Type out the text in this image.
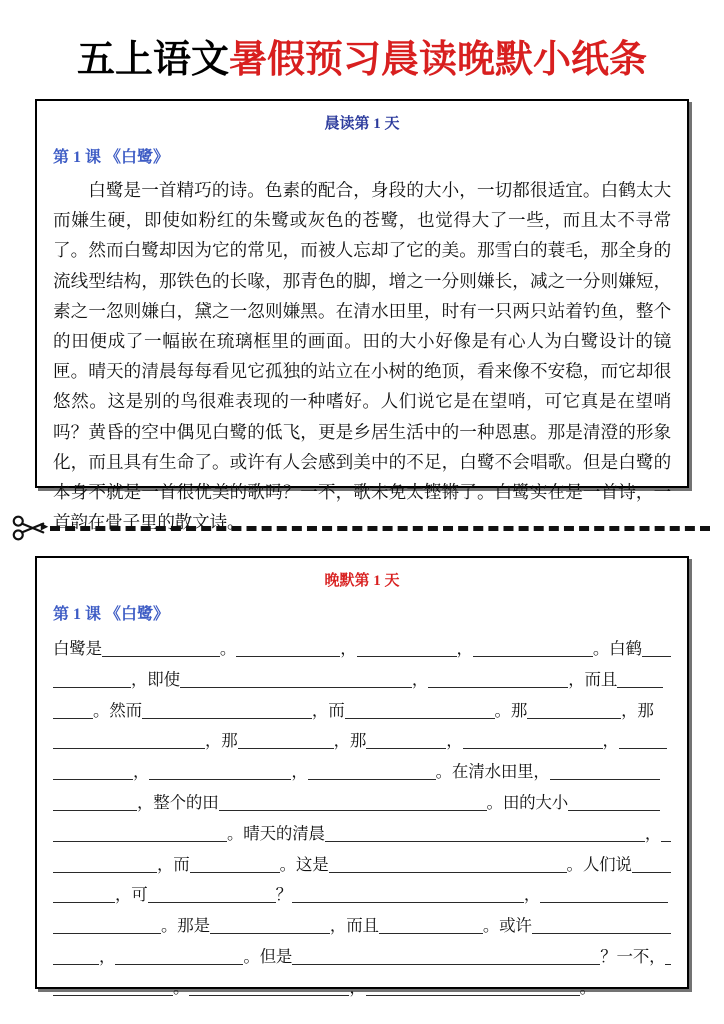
五上语文暑假预习晨读晚默小纸条
晨读第 1 天
第 1 课 《白鹭》
白鹭是一首精巧的诗。色素的配合，身段的大小，一切都很适宜。白鹤太大而嫌生硬，即使如粉红的朱鹭或灰色的苍鹭，也觉得大了一些，而且太不寻常了。然而白鹭却因为它的常见，而被人忘却了它的美。那雪白的蓑毛，那全身的流线型结构，那铁色的长喙，那青色的脚，增之一分则嫌长，减之一分则嫌短，素之一忽则嫌白，黛之一忽则嫌黑。在清水田里，时有一只两只站着钓鱼，整个的田便成了一幅嵌在琉璃框里的画面。田的大小好像是有心人为白鹭设计的镜匣。晴天的清晨每每看见它孤独的站立在小树的绝顶，看来像不安稳，而它却很悠然。这是别的鸟很难表现的一种嗜好。人们说它是在望哨，可它真是在望哨吗？黄昏的空中偶见白鹭的低飞，更是乡居生活中的一种恩惠。那是清澄的形象化，而且具有生命了。或许有人会感到美中的不足，白鹭不会唱歌。但是白鹭的本身不就是一首很优美的歌吗？一不，歌未免太铿锵了。白鹭实在是一首诗，一首韵在骨子里的散文诗。
晚默第 1 天
第 1 课 《白鹭》
白鹭是	。	，	，	。白鹤
，即使	，	，而且
。然而	，而	。那	，那
，那	，那	，	，
，	，	。在清水田里，
，整个的田	。田的大小
。晴天的清晨	，
，而	。这是	。人们说
，可	？	，
。那是	，而且	。或许
，	。但是	？一不，
。	，	。
